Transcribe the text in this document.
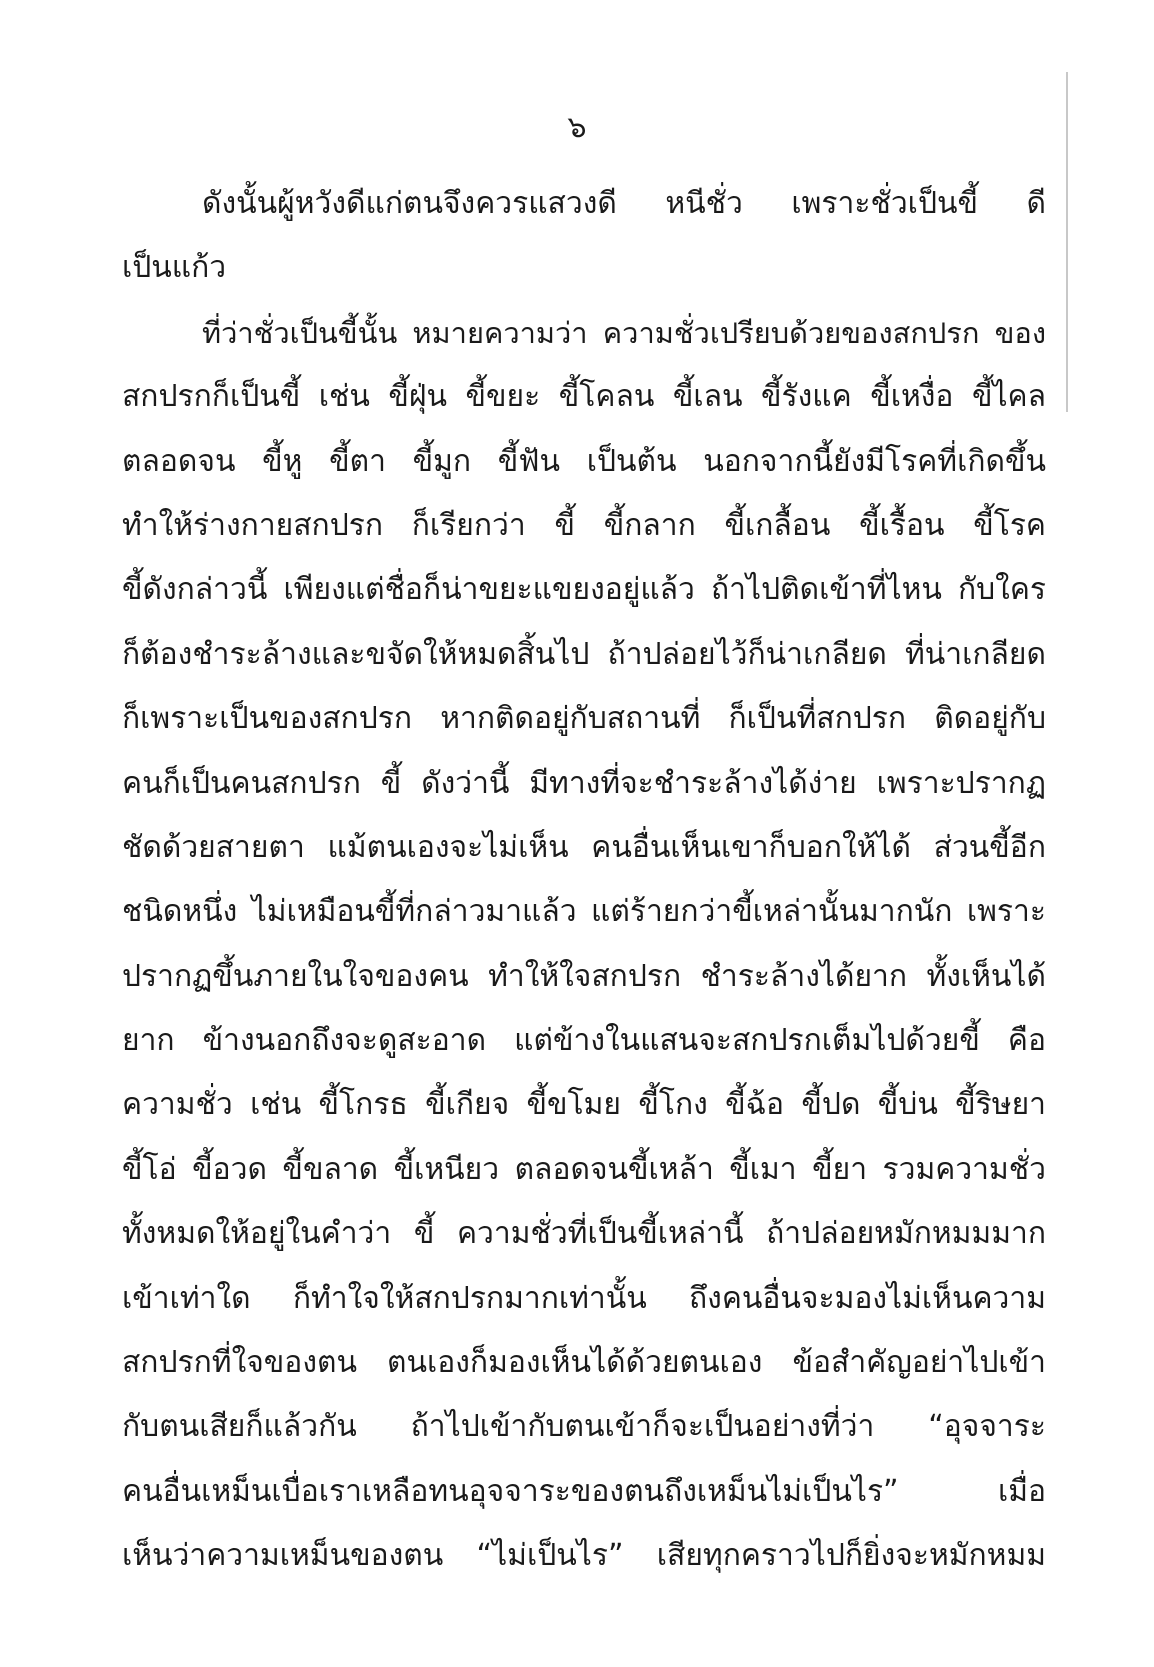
๖
ดังนั้นผู้หวังดีแก่ตนจึงควรแสวงดี หนีชั่ว เพราะชั่วเป็นขี้ ดี
เป็นแก้ว
ที่ว่าชั่วเป็นขี้นั้น หมายความว่า ความชั่วเปรียบด้วยของสกปรก ของ
สกปรกก็เป็นขี้ เช่น ขี้ฝุ่น ขี้ขยะ ขี้โคลน ขี้เลน ขี้รังแค ขี้เหงื่อ ขี้ไคล
ตลอดจน ขี้หู ขี้ตา ขี้มูก ขี้ฟัน เป็นต้น นอกจากนี้ยังมีโรคที่เกิดขึ้น
ทำให้ร่างกายสกปรก ก็เรียกว่า ขี้ ขี้กลาก ขี้เกลื้อน ขี้เรื้อน ขี้โรค
ขี้ดังกล่าวนี้ เพียงแต่ชื่อก็น่าขยะแขยงอยู่แล้ว ถ้าไปติดเข้าที่ไหน กับใคร
ก็ต้องชำระล้างและขจัดให้หมดสิ้นไป ถ้าปล่อยไว้ก็น่าเกลียด ที่น่าเกลียด
ก็เพราะเป็นของสกปรก หากติดอยู่กับสถานที่ ก็เป็นที่สกปรก ติดอยู่กับ
คนก็เป็นคนสกปรก ขี้ ดังว่านี้ มีทางที่จะชำระล้างได้ง่าย เพราะปรากฏ
ชัดด้วยสายตา แม้ตนเองจะไม่เห็น คนอื่นเห็นเขาก็บอกให้ได้ ส่วนขี้อีก
ชนิดหนึ่ง ไม่เหมือนขี้ที่กล่าวมาแล้ว แต่ร้ายกว่าขี้เหล่านั้นมากนัก เพราะ
ปรากฏขึ้นภายในใจของคน ทำให้ใจสกปรก ชำระล้างได้ยาก ทั้งเห็นได้
ยาก ข้างนอกถึงจะดูสะอาด แต่ข้างในแสนจะสกปรกเต็มไปด้วยขี้ คือ
ความชั่ว เช่น ขี้โกรธ ขี้เกียจ ขี้ขโมย ขี้โกง ขี้ฉ้อ ขี้ปด ขี้บ่น ขี้ริษยา
ขี้โอ่ ขี้อวด ขี้ขลาด ขี้เหนียว ตลอดจนขี้เหล้า ขี้เมา ขี้ยา รวมความชั่ว
ทั้งหมดให้อยู่ในคำว่า ขี้ ความชั่วที่เป็นขี้เหล่านี้ ถ้าปล่อยหมักหมมมาก
เข้าเท่าใด ก็ทำใจให้สกปรกมากเท่านั้น ถึงคนอื่นจะมองไม่เห็นความ
สกปรกที่ใจของตน ตนเองก็มองเห็นได้ด้วยตนเอง ข้อสำคัญอย่าไปเข้า
กับตนเสียก็แล้วกัน ถ้าไปเข้ากับตนเข้าก็จะเป็นอย่างที่ว่า “อุจจาระ
คนอื่นเหม็นเบื่อเราเหลือทนอุจจาระของตนถึงเหม็นไม่เป็นไร” เมื่อ
เห็นว่าความเหม็นของตน “ไม่เป็นไร” เสียทุกคราวไปก็ยิ่งจะหมักหมม
